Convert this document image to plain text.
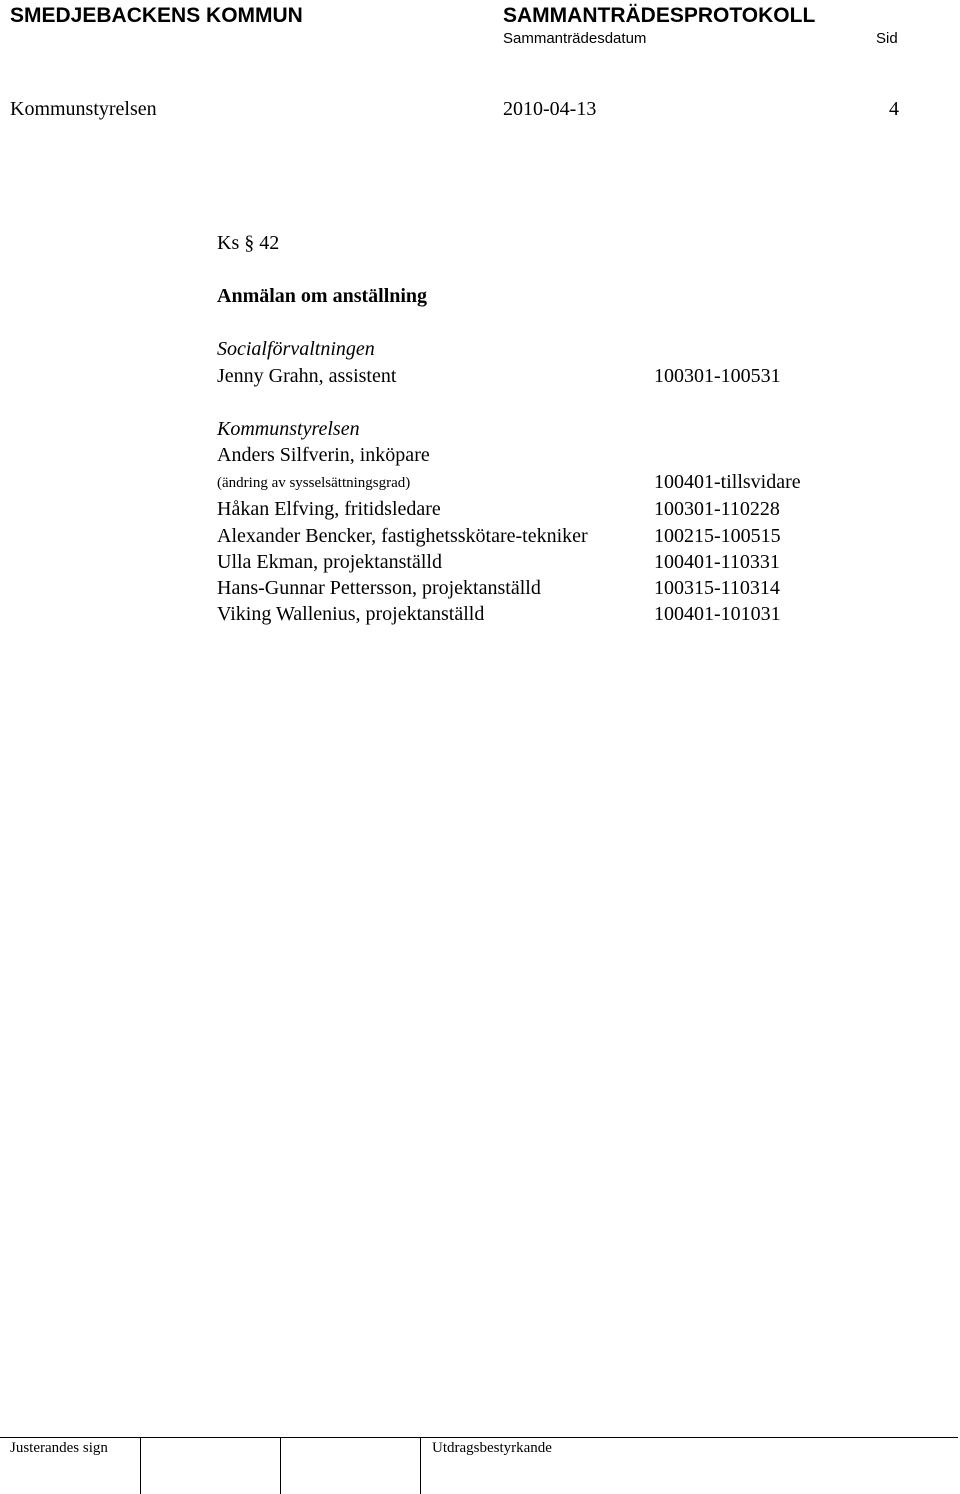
SMEDJEBACKENS KOMMUN	SAMMANTRÄDESPROTOKOLL
Sammanträdesdatum	Sid
Kommunstyrelsen	2010-04-13	4
Ks § 42
Anmälan om anställning
Socialförvaltningen
Jenny Grahn, assistent	100301-100531
Kommunstyrelsen
Anders Silfverin, inköpare
(ändring av sysselsättningsgrad)	100401-tillsvidare
Håkan Elfving, fritidsledare	100301-110228
Alexander Bencker, fastighetsskötare-tekniker	100215-100515
Ulla Ekman, projektanställd	100401-110331
Hans-Gunnar Pettersson, projektanställd	100315-110314
Viking Wallenius, projektanställd	100401-101031
Justerandes sign	Utdragsbestyrkande
